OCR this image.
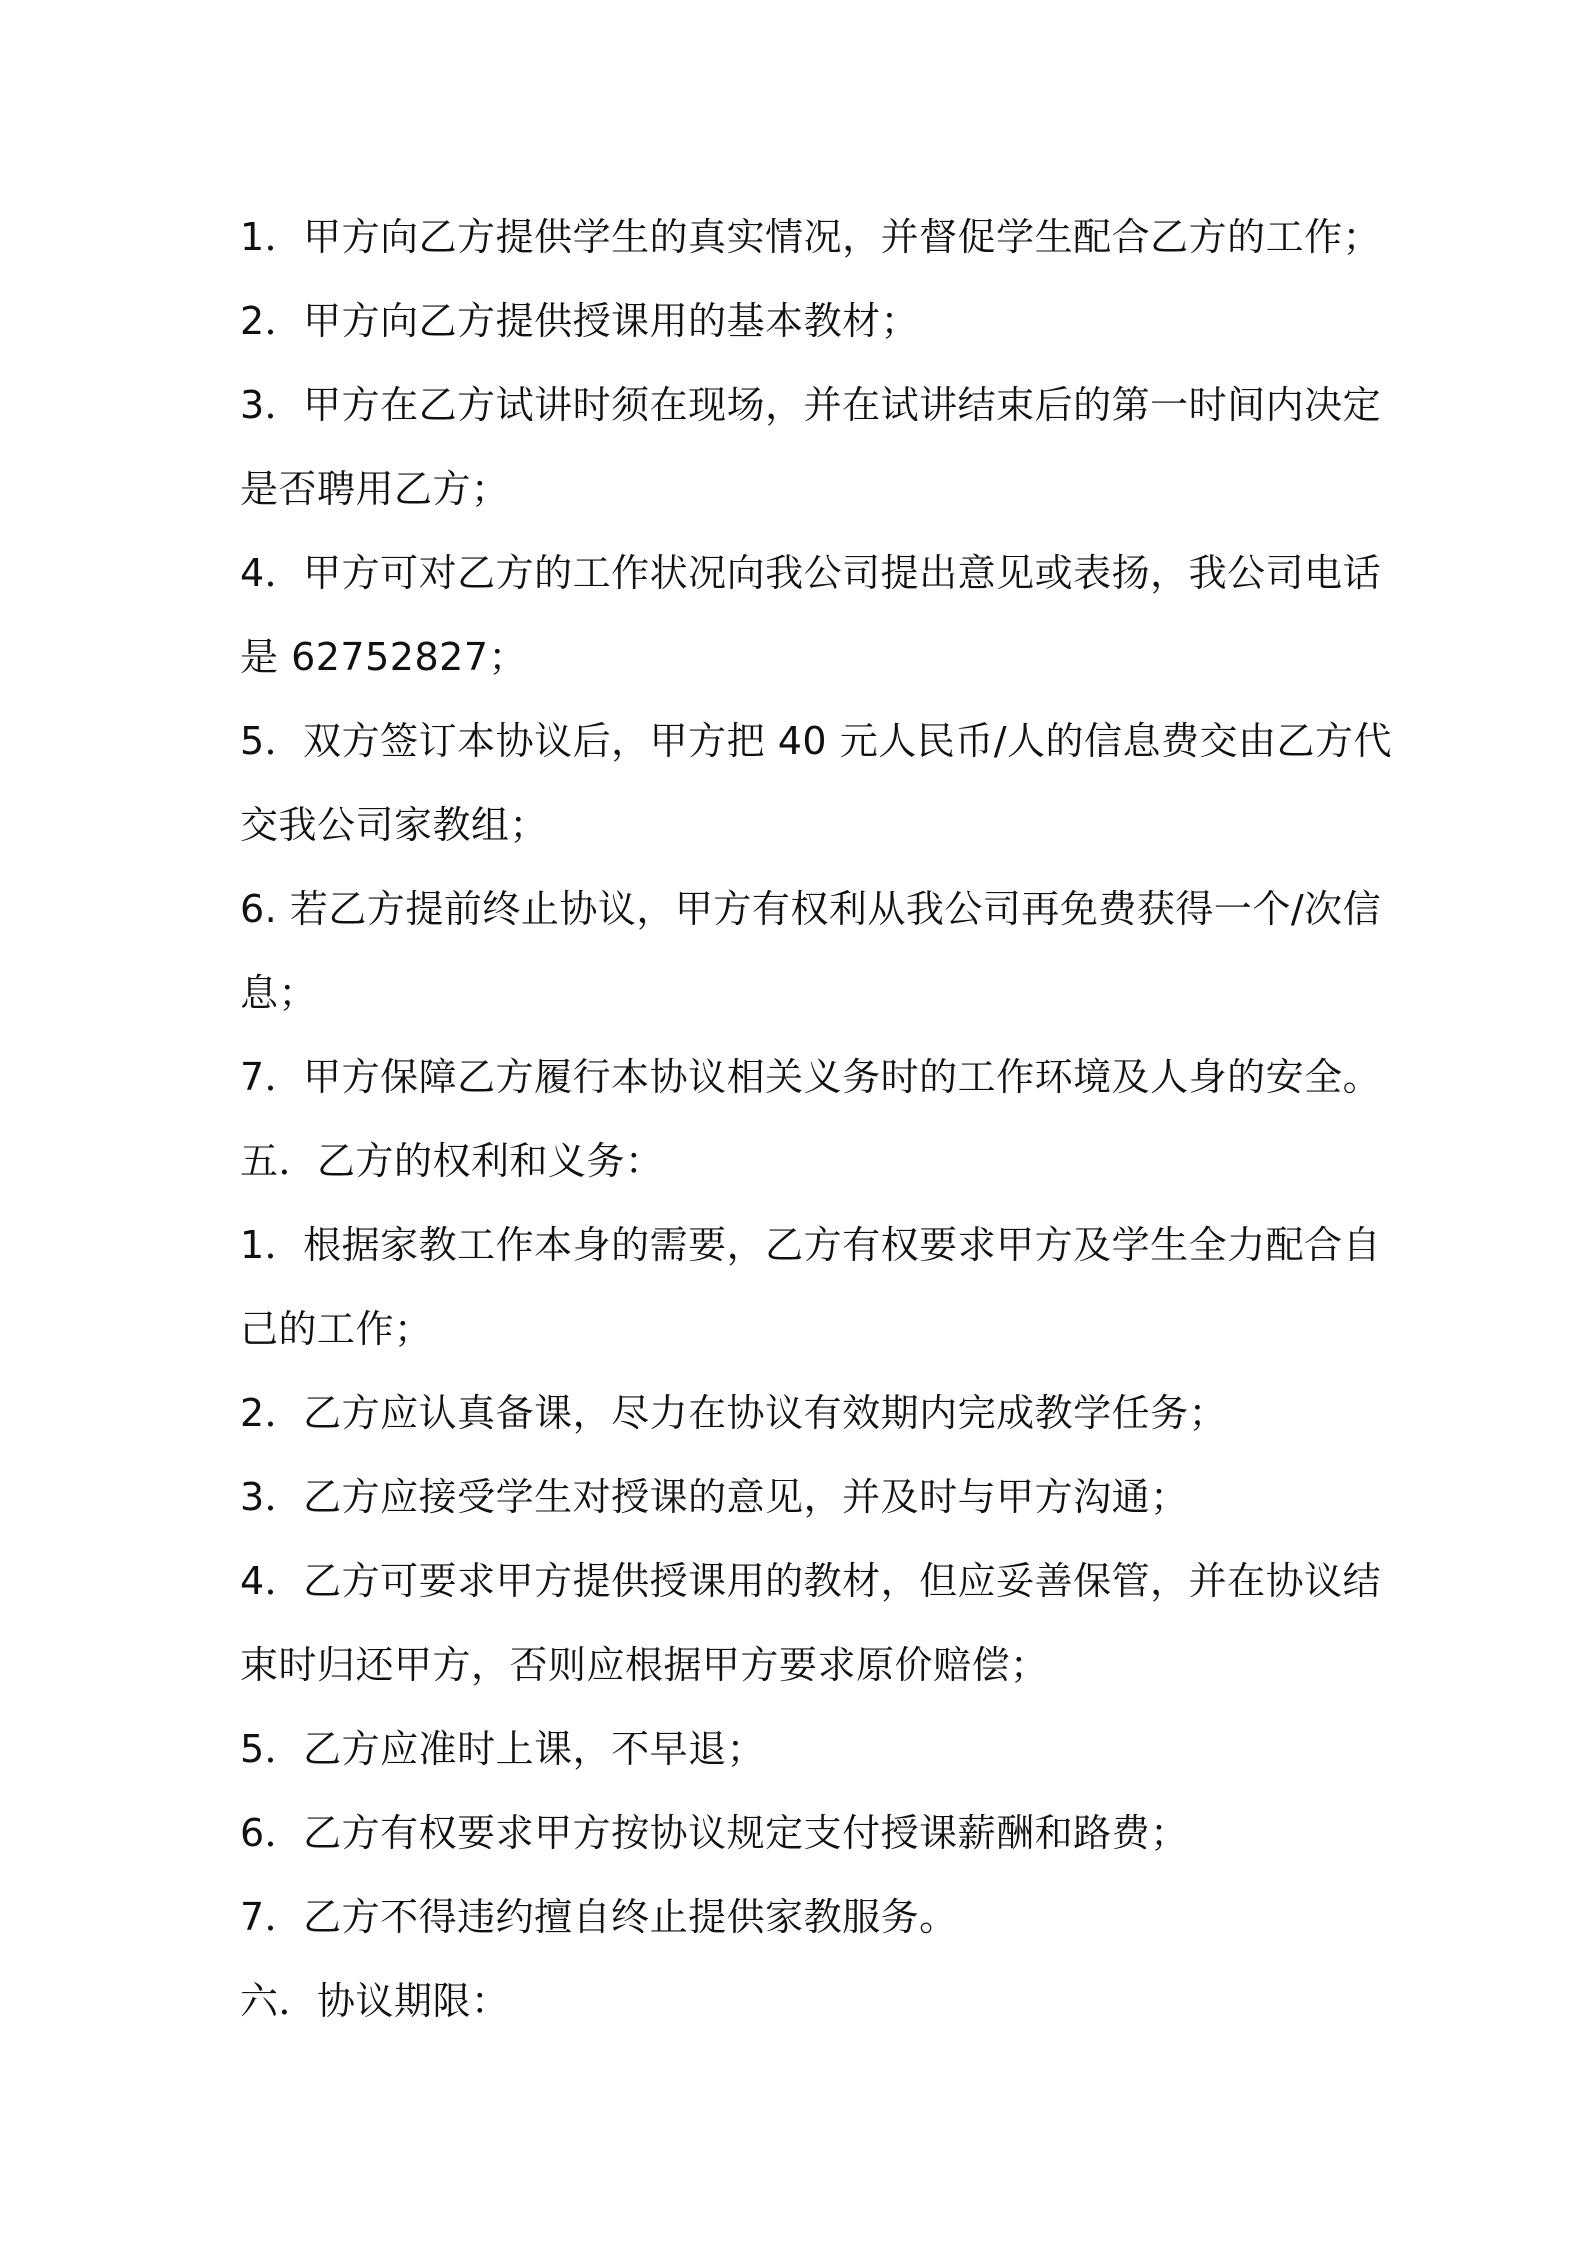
1．甲方向乙方提供学生的真实情况，并督促学生配合乙方的工作；
2．甲方向乙方提供授课用的基本教材；
3．甲方在乙方试讲时须在现场，并在试讲结束后的第一时间内决定
是否聘用乙方；
4．甲方可对乙方的工作状况向我公司提出意见或表扬，我公司电话
是 62752827；
5．双方签订本协议后，甲方把 40 元人民币/人的信息费交由乙方代
交我公司家教组；
6. 若乙方提前终止协议，甲方有权利从我公司再免费获得一个/次信
息；
7．甲方保障乙方履行本协议相关义务时的工作环境及人身的安全。
五．乙方的权利和义务：
1．根据家教工作本身的需要，乙方有权要求甲方及学生全力配合自
己的工作；
2．乙方应认真备课，尽力在协议有效期内完成教学任务；
3．乙方应接受学生对授课的意见，并及时与甲方沟通；
4．乙方可要求甲方提供授课用的教材，但应妥善保管，并在协议结
束时归还甲方，否则应根据甲方要求原价赔偿；
5．乙方应准时上课，不早退；
6．乙方有权要求甲方按协议规定支付授课薪酬和路费；
7．乙方不得违约擅自终止提供家教服务。
六．协议期限：
